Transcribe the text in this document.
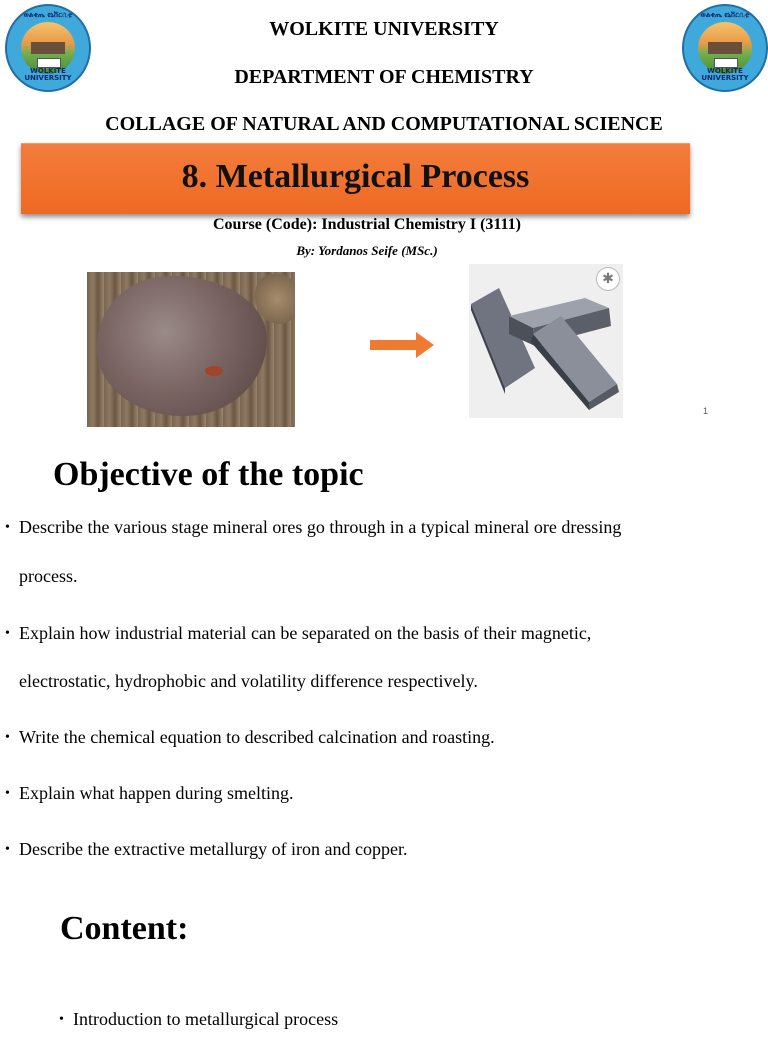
ወልቂጤ ዩኒቨርሲቲ
WOLKITE UNIVERSITY
ወልቂጤ ዩኒቨርሲቲ
WOLKITE UNIVERSITY
WOLKITE UNIVERSITY
DEPARTMENT OF CHEMISTRY
COLLAGE OF NATURAL AND COMPUTATIONAL SCIENCE
8. Metallurgical Process
Course (Code): Industrial Chemistry I (3111)
By: Yordanos Seife (MSc.)
✱
1
Objective of the topic
• Describe the various stage mineral ores go through in a typical mineral ore dressing
process.
• Explain how industrial material can be separated on the basis of their magnetic,
electrostatic, hydrophobic and volatility difference respectively.
• Write the chemical equation to described calcination and roasting.
• Explain what happen during smelting.
• Describe the extractive metallurgy of iron and copper.
Content:
• Introduction to metallurgical process
